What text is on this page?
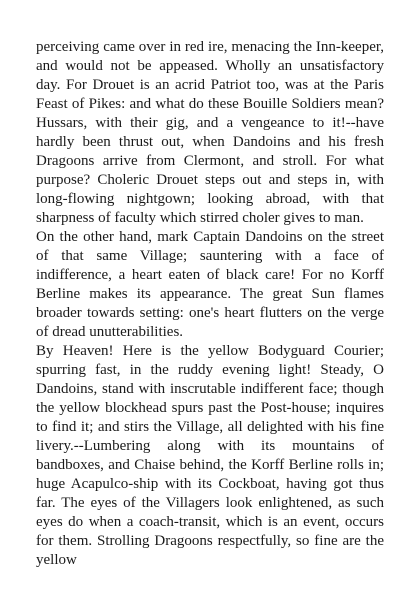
perceiving came over in red ire, menacing the Inn-keeper, and would not be appeased. Wholly an unsatisfactory day. For Drouet is an acrid Patriot too, was at the Paris Feast of Pikes: and what do these Bouille Soldiers mean? Hussars, with their gig, and a vengeance to it!--have hardly been thrust out, when Dandoins and his fresh Dragoons arrive from Clermont, and stroll. For what purpose? Choleric Drouet steps out and steps in, with long-flowing nightgown; looking abroad, with that sharpness of faculty which stirred choler gives to man.

On the other hand, mark Captain Dandoins on the street of that same Village; sauntering with a face of indifference, a heart eaten of black care! For no Korff Berline makes its appearance. The great Sun flames broader towards setting: one's heart flutters on the verge of dread unutterabilities.

By Heaven! Here is the yellow Bodyguard Courier; spurring fast, in the ruddy evening light! Steady, O Dandoins, stand with inscrutable indifferent face; though the yellow blockhead spurs past the Post-house; inquires to find it; and stirs the Village, all delighted with his fine livery.--Lumbering along with its mountains of bandboxes, and Chaise behind, the Korff Berline rolls in; huge Acapulco-ship with its Cockboat, having got thus far. The eyes of the Villagers look enlightened, as such eyes do when a coach-transit, which is an event, occurs for them. Strolling Dragoons respectfully, so fine are the yellow
